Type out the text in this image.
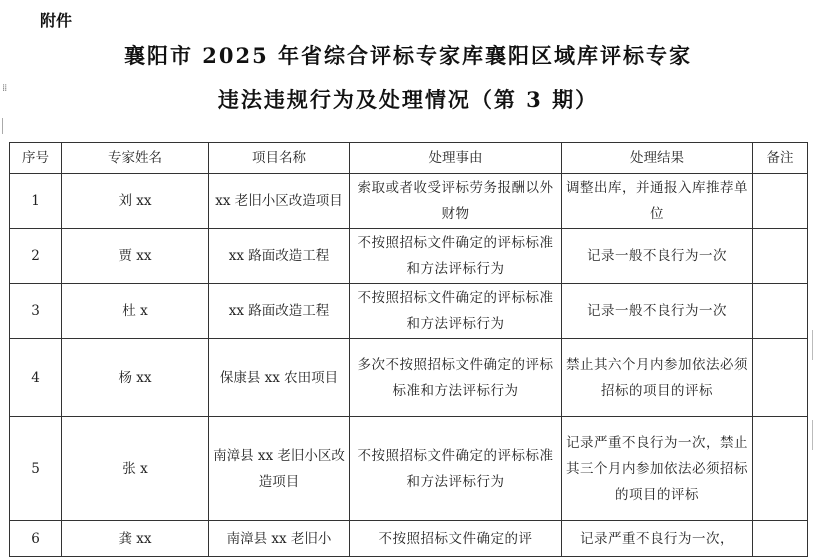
附件
⁞⁞
襄阳市 2025 年省综合评标专家库襄阳区域库评标专家
违法违规行为及处理情况（第 3 期）
序号	专家姓名	项目名称	处理事由	处理结果	备注
1	刘 xx	xx 老旧小区改造项目	索取或者收受评标劳务报酬以外财物	调整出库，并通报入库推荐单位	
2	贾 xx	xx 路面改造工程	不按照招标文件确定的评标标准和方法评标行为	记录一般不良行为一次	
3	杜 x	xx 路面改造工程	不按照招标文件确定的评标标准和方法评标行为	记录一般不良行为一次	
4	杨 xx	保康县 xx 农田项目	多次不按照招标文件确定的评标标准和方法评标行为	禁止其六个月内参加依法必须招标的项目的评标	
5	张 x	南漳县 xx 老旧小区改造项目	不按照招标文件确定的评标标准和方法评标行为	记录严重不良行为一次，禁止其三个月内参加依法必须招标的项目的评标	
6	龚 xx	南漳县 xx 老旧小	不按照招标文件确定的评	记录严重不良行为一次，	
